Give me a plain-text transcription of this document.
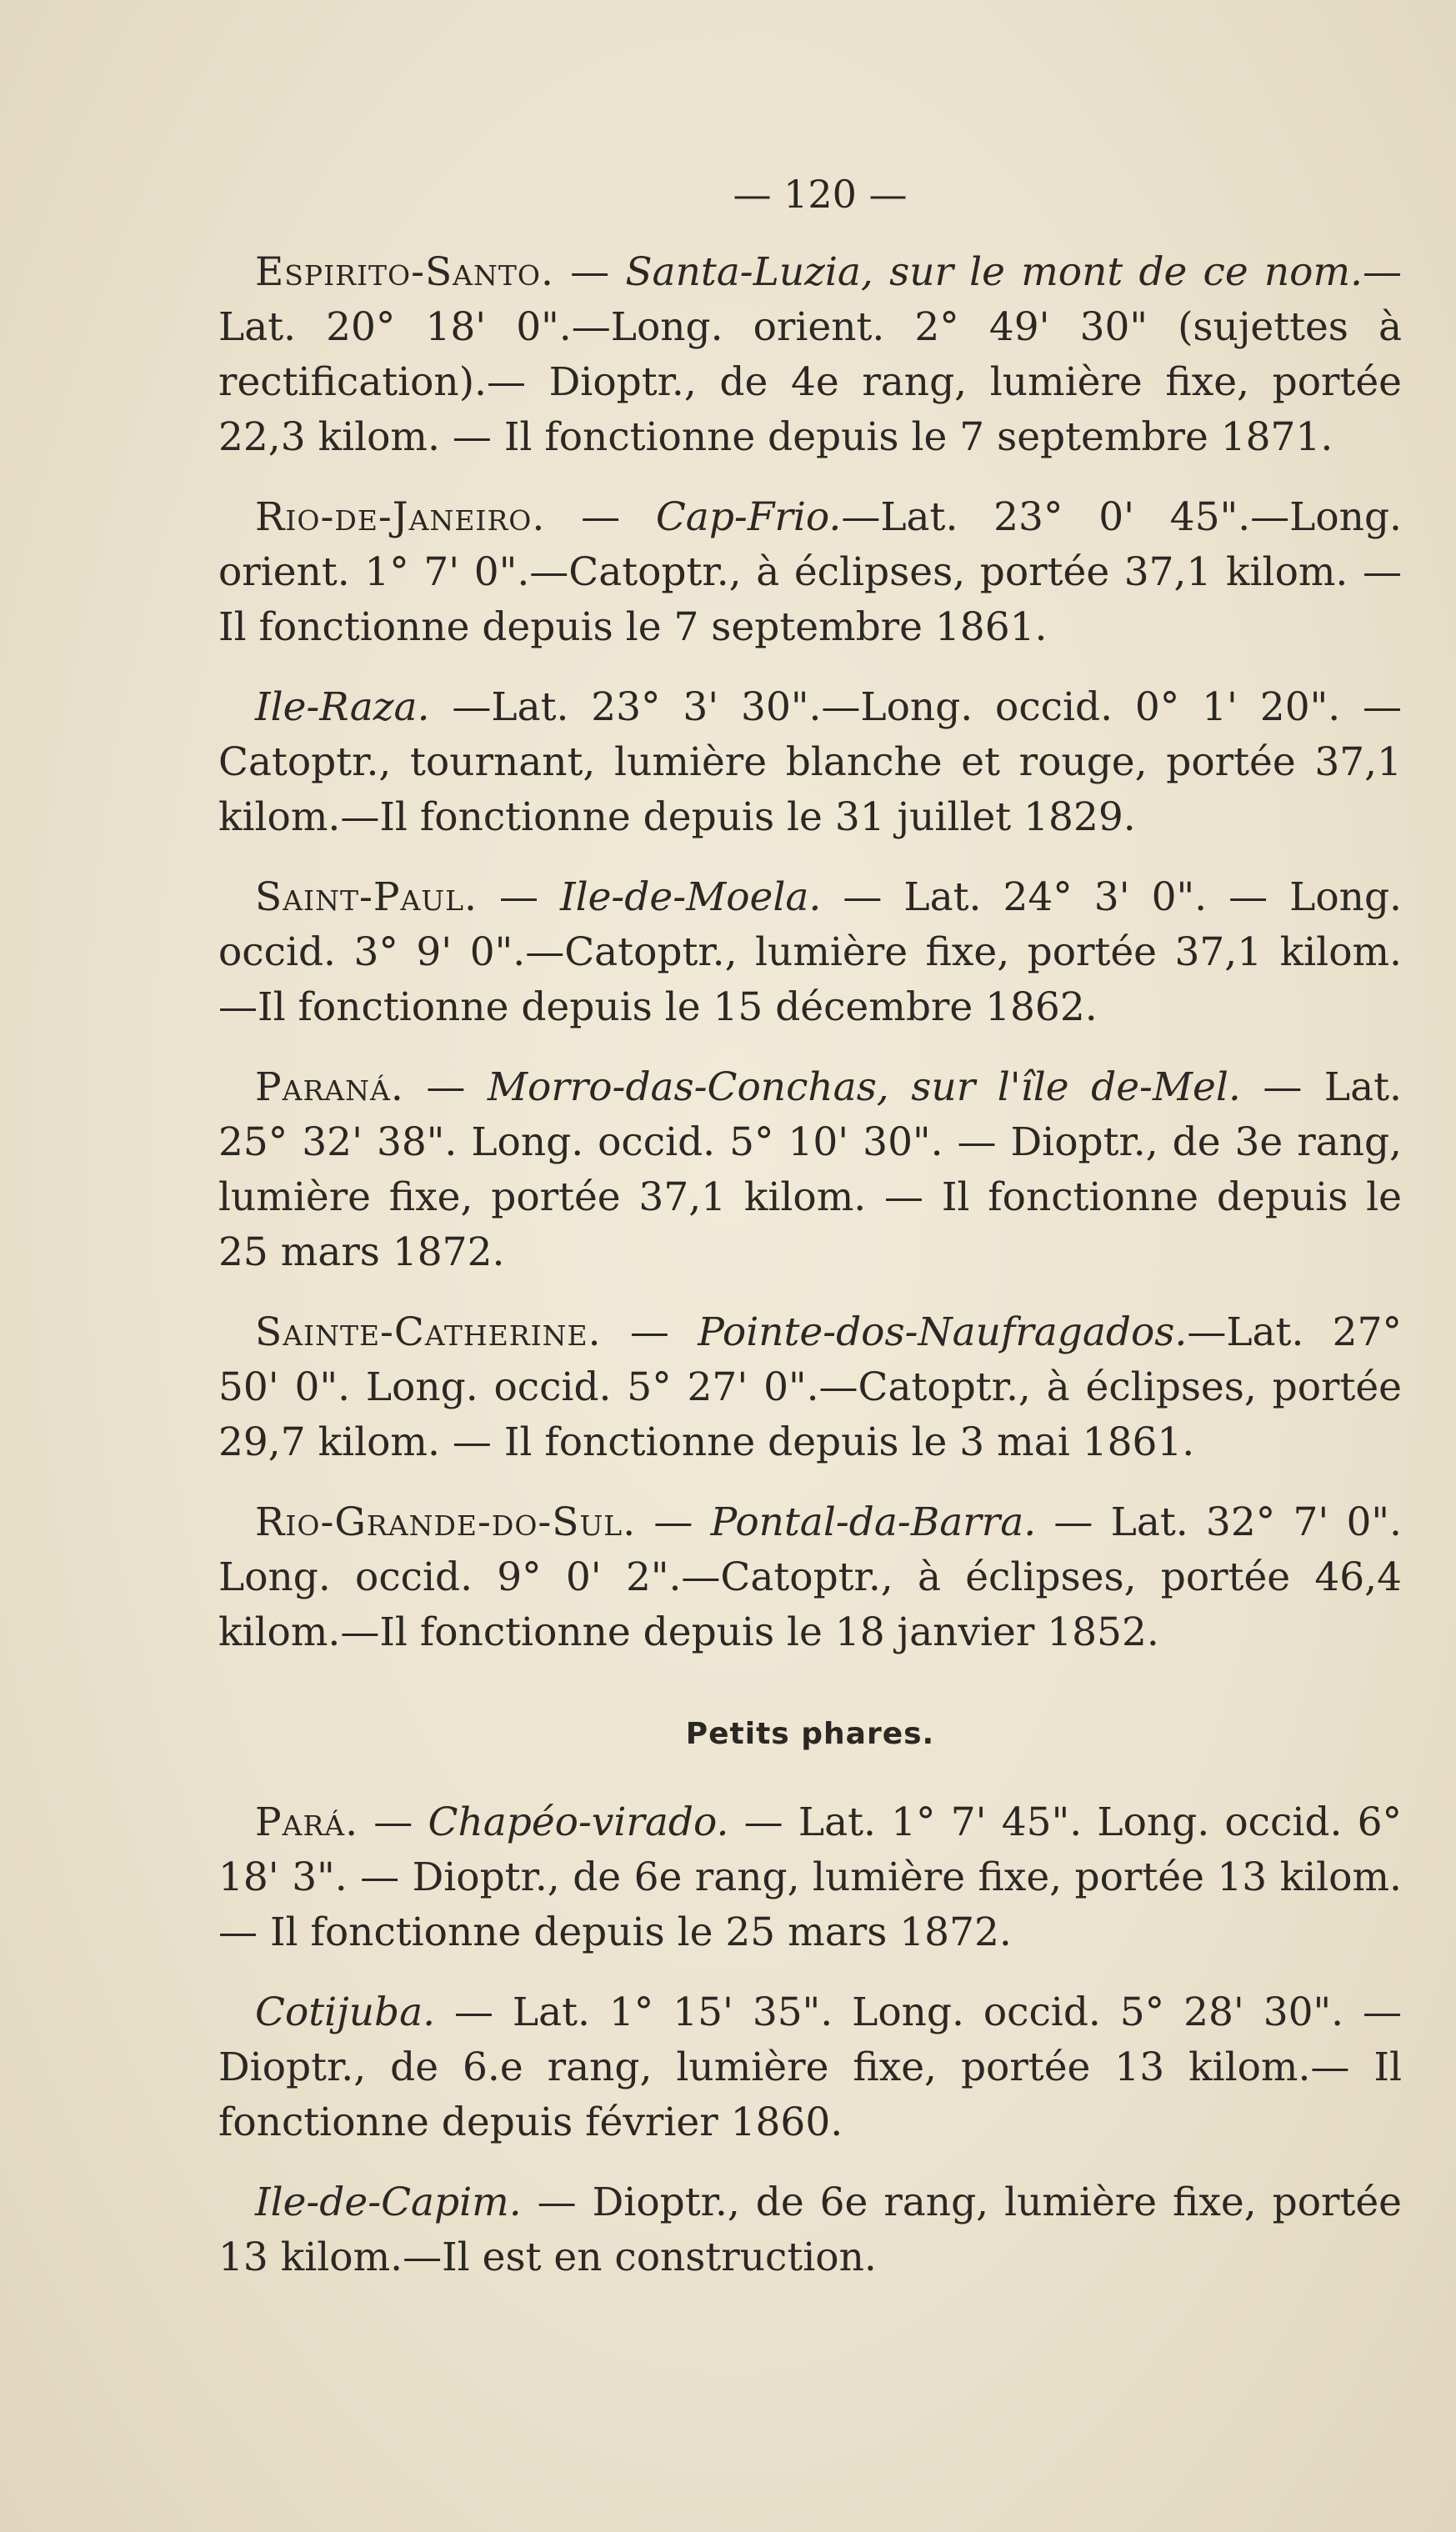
— 120 —

Espirito-Santo. — Santa-Luzia, sur le mont de ce nom.—Lat. 20° 18' 0".—Long. orient. 2° 49' 30" (sujettes à rectification).— Dioptr., de 4e rang, lumière fixe, portée 22,3 kilom. — Il fonctionne depuis le 7 septembre 1871.

Rio-de-Janeiro. — Cap-Frio.—Lat. 23° 0' 45".—Long. orient. 1° 7' 0".—Catoptr., à éclipses, portée 37,1 kilom. —Il fonctionne depuis le 7 septembre 1861.

Ile-Raza. —Lat. 23° 3' 30".—Long. occid. 0° 1' 20". —Catoptr., tournant, lumière blanche et rouge, portée 37,1 kilom.—Il fonctionne depuis le 31 juillet 1829.

Saint-Paul. — Ile-de-Moela. — Lat. 24° 3' 0". — Long. occid. 3° 9' 0".—Catoptr., lumière fixe, portée 37,1 kilom. —Il fonctionne depuis le 15 décembre 1862.

Paraná. — Morro-das-Conchas, sur l'île de-Mel. — Lat. 25° 32' 38". Long. occid. 5° 10' 30". — Dioptr., de 3e rang, lumière fixe, portée 37,1 kilom. — Il fonctionne depuis le 25 mars 1872.

Sainte-Catherine. — Pointe-dos-Naufragados.—Lat. 27° 50' 0". Long. occid. 5° 27' 0".—Catoptr., à éclipses, portée 29,7 kilom. — Il fonctionne depuis le 3 mai 1861.

Rio-Grande-do-Sul. — Pontal-da-Barra. — Lat. 32° 7' 0". Long. occid. 9° 0' 2".—Catoptr., à éclipses, portée 46,4 kilom.—Il fonctionne depuis le 18 janvier 1852.

Petits phares.

Pará. — Chapéo-virado. — Lat. 1° 7' 45". Long. occid. 6° 18' 3". — Dioptr., de 6e rang, lumière fixe, portée 13 kilom. — Il fonctionne depuis le 25 mars 1872.

Cotijuba. — Lat. 1° 15' 35". Long. occid. 5° 28' 30". —Dioptr., de 6.e rang, lumière fixe, portée 13 kilom.— Il fonctionne depuis février 1860.

Ile-de-Capim. — Dioptr., de 6e rang, lumière fixe, portée 13 kilom.—Il est en construction.
